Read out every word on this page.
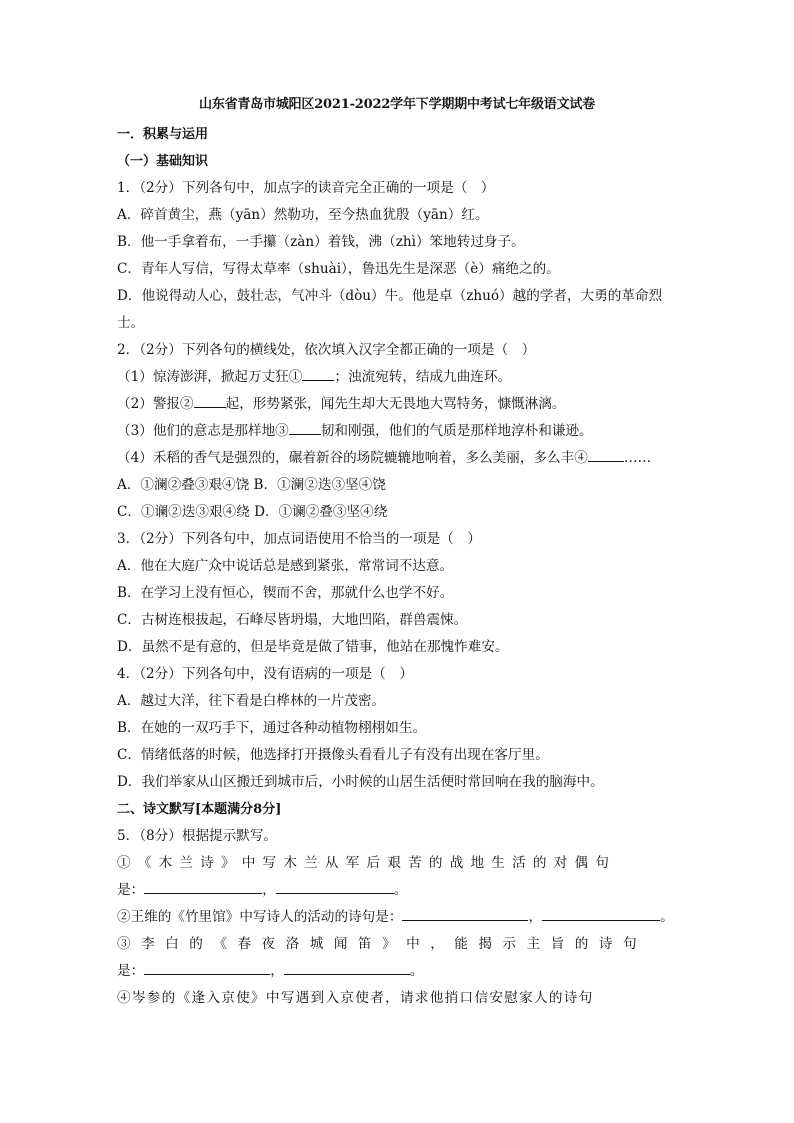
山东省青岛市城阳区2021-2022学年下学期期中考试七年级语文试卷
一．积累与运用
（一）基础知识
1．（2分）下列各句中，加点字的读音完全正确的一项是（　）
A．碎首黄尘，燕（yān）然勒功，至今热血犹殷（yān）红。
B．他一手拿着布，一手攥（zàn）着钱，沸（zhì）笨地转过身子。
C．青年人写信，写得太草率（shuài），鲁迅先生是深恶（è）痛绝之的。
D．他说得动人心，鼓壮志，气冲斗（dòu）牛。他是卓（zhuó）越的学者，大勇的革命烈
士。
2．（2分）下列各句的横线处，依次填入汉字全都正确的一项是（　）
（1）惊涛澎湃，掀起万丈狂① ；浊流宛转，结成九曲连环。
（2）警报② 起，形势紧张，闻先生却大无畏地大骂特务，慷慨淋漓。
（3）他们的意志是那样地③ 韧和刚强，他们的气质是那样地淳朴和谦逊。
（4）禾稻的香气是强烈的，碾着新谷的场院辘辘地响着，多么美丽，多么丰④	……
A．①澜②叠③艰④饶 B．①澜②迭③坚④饶
C．①谰②迭③艰④绕 D．①谰②叠③坚④绕
3．（2分）下列各句中，加点词语使用不恰当的一项是（　）
A．他在大庭广众中说话总是感到紧张，常常词不达意。
B．在学习上没有恒心，锲而不舍，那就什么也学不好。
C．古树连根拔起，石峰尽皆坍塌，大地凹陷，群兽震悚。
D．虽然不是有意的，但是毕竟是做了错事，他站在那愧怍难安。
4．（2分）下列各句中，没有语病的一项是（　）
A．越过大洋，往下看是白桦林的一片茂密。
B．在她的一双巧手下，通过各种动植物栩栩如生。
C．情绪低落的时候，他选择打开摄像头看看儿子有没有出现在客厅里。
D．我们举家从山区搬迁到城市后，小时候的山居生活便时常回响在我的脑海中。
二、诗文默写[本题满分8分]
5．（8分）根据提示默写。
①《木兰诗》中写木兰从军后艰苦的战地生活的对偶句
是：	，	。
②王维的《竹里馆》中写诗人的活动的诗句是：	，	。
③李白的《春夜洛城闻笛》中，能揭示主旨的诗句
是：	，	。
④岑参的《逢入京使》中写遇到入京使者，请求他捎口信安慰家人的诗句
